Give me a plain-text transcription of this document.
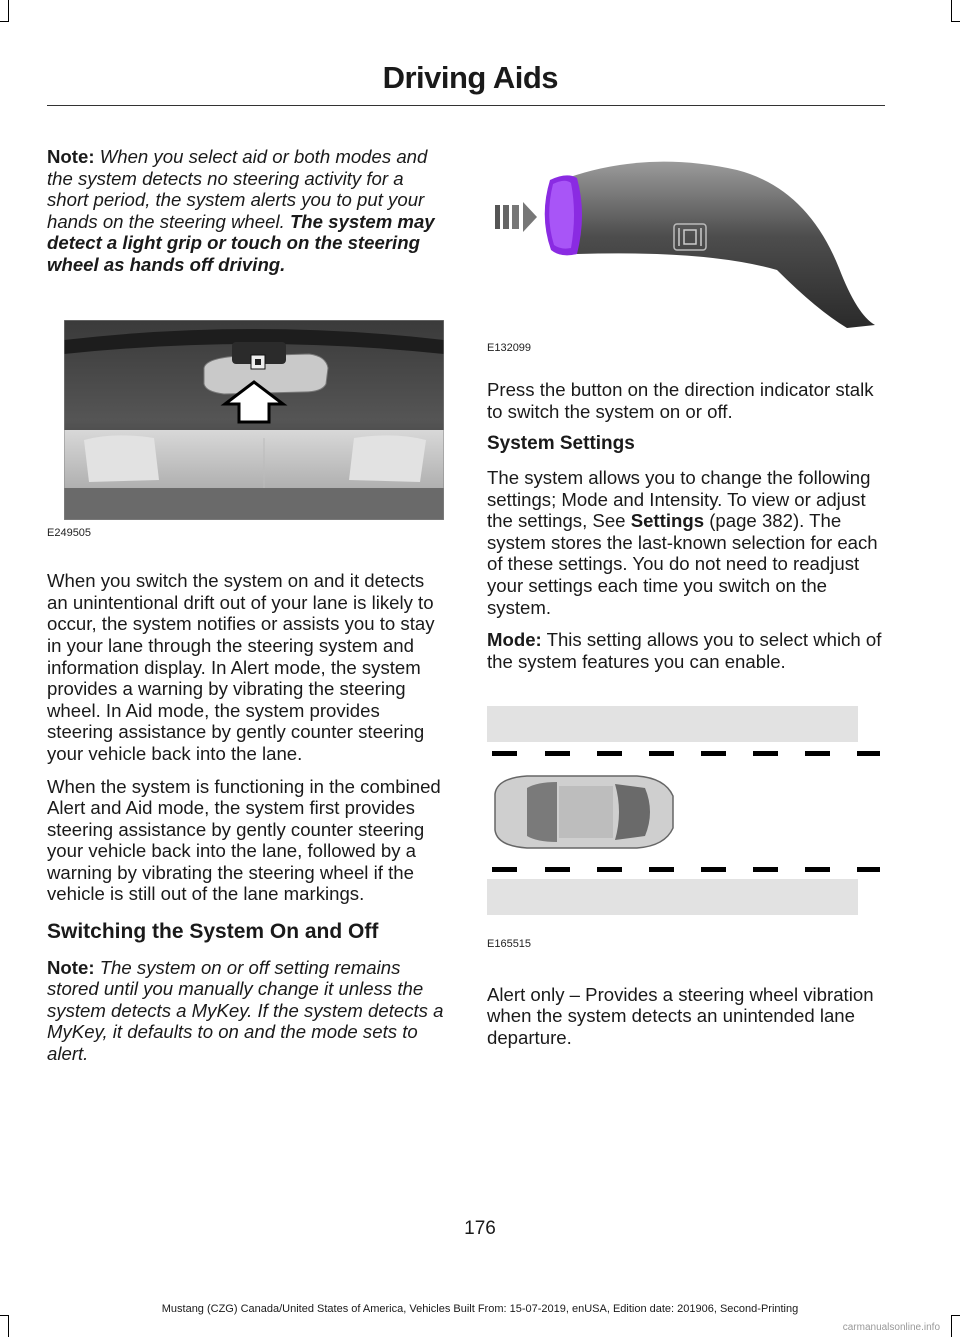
Driving Aids

Note: When you select aid or both modes and the system detects no steering activity for a short period, the system alerts you to put your hands on the steering wheel. The system may detect a light grip or touch on the steering wheel as hands off driving.

E249505

When you switch the system on and it detects an unintentional drift out of your lane is likely to occur, the system notifies or assists you to stay in your lane through the steering system and information display. In Alert mode, the system provides a warning by vibrating the steering wheel. In Aid mode, the system provides steering assistance by gently counter steering your vehicle back into the lane.

When the system is functioning in the combined Alert and Aid mode, the system first provides steering assistance by gently counter steering your vehicle back into the lane, followed by a warning by vibrating the steering wheel if the vehicle is still out of the lane markings.

Switching the System On and Off

Note: The system on or off setting remains stored until you manually change it unless the system detects a MyKey. If the system detects a MyKey, it defaults to on and the mode sets to alert.

E132099

Press the button on the direction indicator stalk to switch the system on or off.

System Settings

The system allows you to change the following settings; Mode and Intensity. To view or adjust the settings, See Settings (page 382). The system stores the last-known selection for each of these settings. You do not need to readjust your settings each time you switch on the system.

Mode: This setting allows you to select which of the system features you can enable.

E165515

Alert only – Provides a steering wheel vibration when the system detects an unintended lane departure.

176
Mustang (CZG) Canada/United States of America, Vehicles Built From: 15-07-2019, enUSA, Edition date: 201906, Second-Printing
carmanualsonline.info
